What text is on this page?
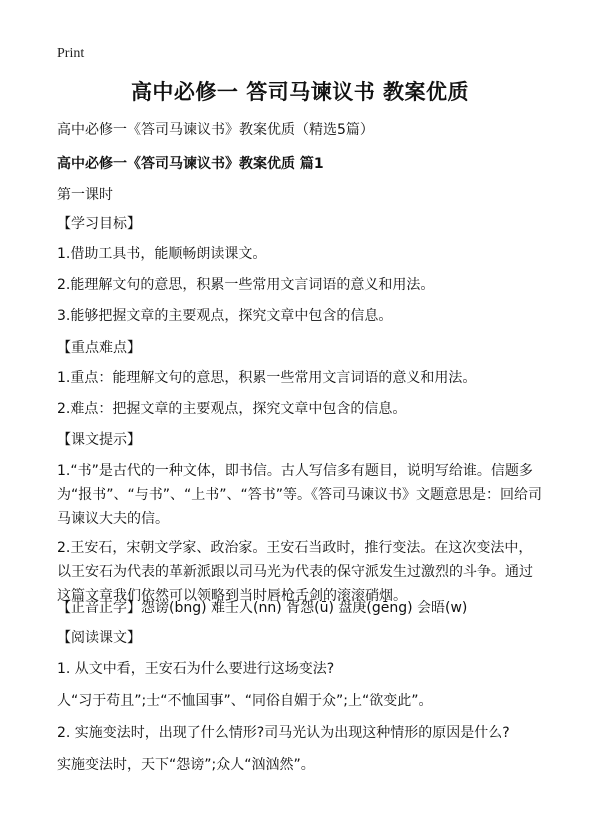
Print
高中必修一 答司马谏议书 教案优质
高中必修一《答司马谏议书》教案优质（精选5篇）
高中必修一《答司马谏议书》教案优质 篇1
第一课时
【学习目标】
1.借助工具书，能顺畅朗读课文。
2.能理解文句的意思，积累一些常用文言词语的意义和用法。
3.能够把握文章的主要观点，探究文章中包含的信息。
【重点难点】
1.重点：能理解文句的意思，积累一些常用文言词语的意义和用法。
2.难点：把握文章的主要观点，探究文章中包含的信息。
【课文提示】
1.“书”是古代的一种文体，即书信。古人写信多有题目，说明写给谁。信题多为“报书”、“与书”、“上书”、“答书”等。《答司马谏议书》文题意思是：回给司马谏议大夫的信。
2.王安石，宋朝文学家、政治家。王安石当政时，推行变法。在这次变法中，以王安石为代表的革新派跟以司马光为代表的保守派发生过激烈的斗争。通过这篇文章我们依然可以领略到当时唇枪舌剑的滚滚硝烟。
【正音正字】怨谤(bng) 难壬人(nn) 胥怨(ū) 盘庚(gēng) 会晤(w)
【阅读课文】
1. 从文中看，王安石为什么要进行这场变法?
人“习于苟且”;士“不恤国事”、“同俗自媚于众”;上“欲变此”。
2. 实施变法时，出现了什么情形?司马光认为出现这种情形的原因是什么?
实施变法时，天下“怨谤”;众人“汹汹然”。
